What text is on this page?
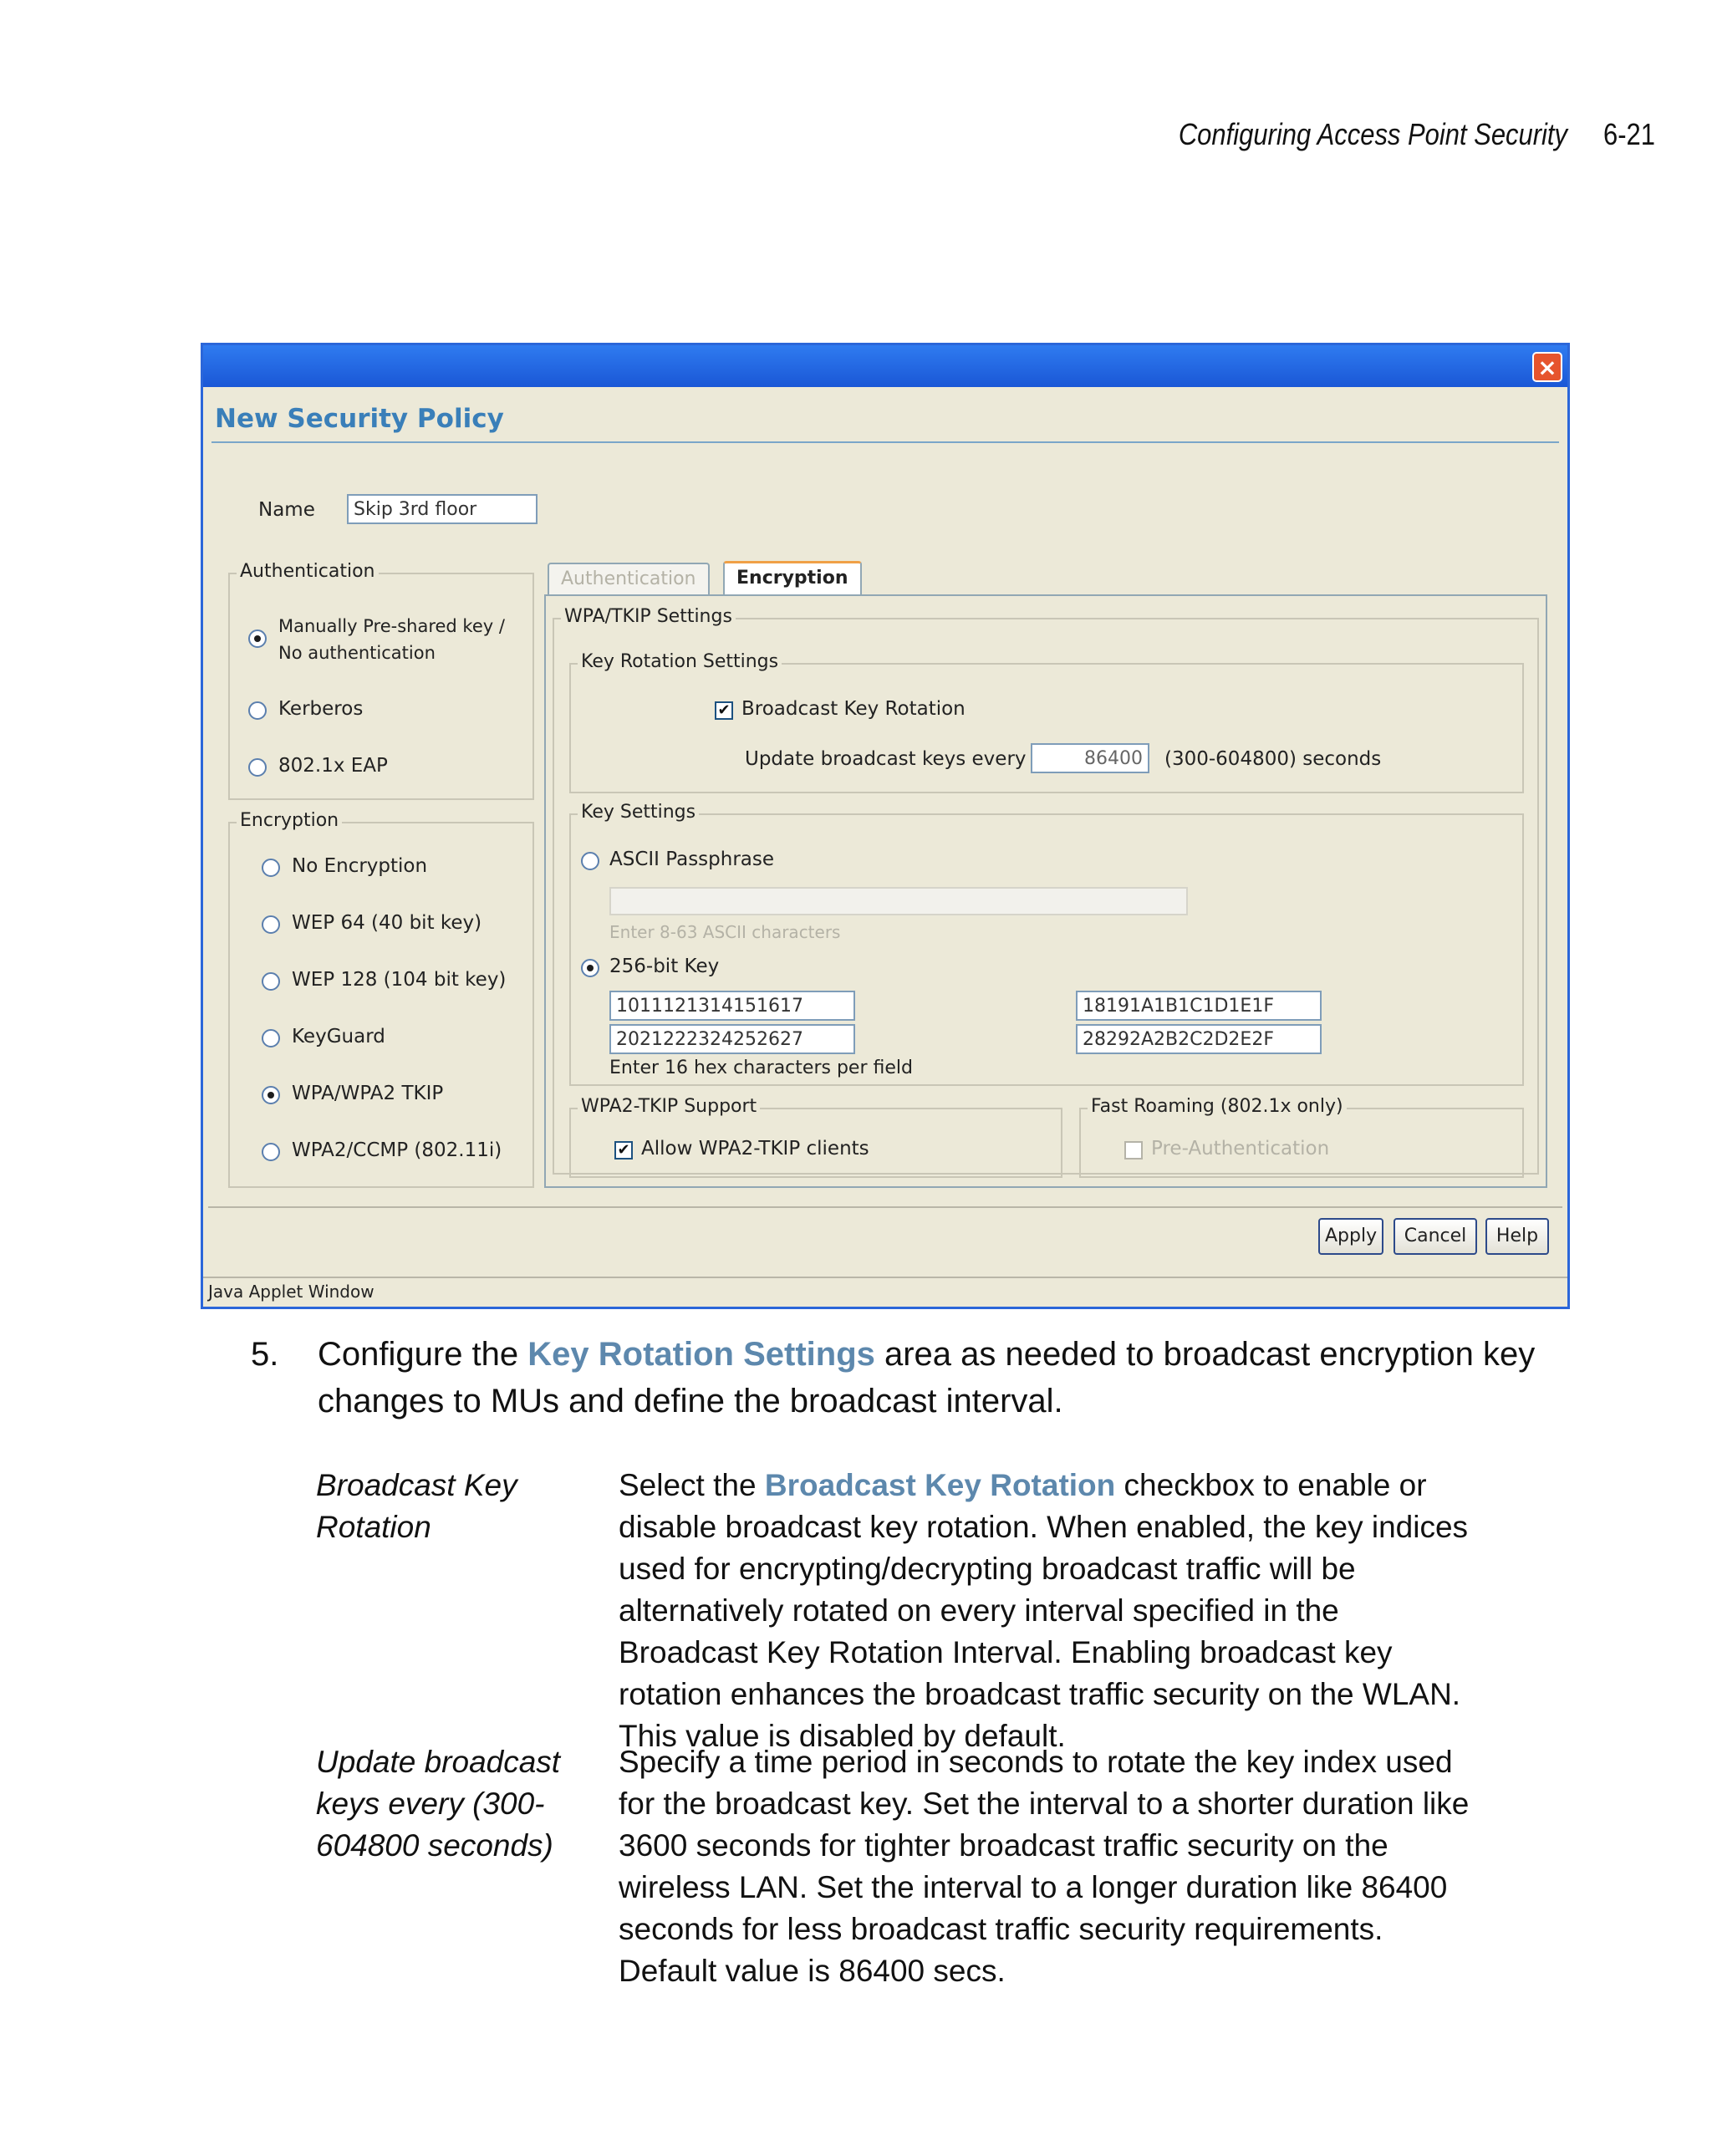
Configuring Access Point Security 6-21
×
New Security Policy
Name	Skip 3rd floor
Authentication
Manually Pre-shared key / No authentication
Kerberos
802.1x EAP
Encryption
No Encryption
WEP 64 (40 bit key)
WEP 128 (104 bit key)
KeyGuard
WPA/WPA2 TKIP
WPA2/CCMP (802.11i)
Authentication	Encryption
WPA/TKIP Settings
Key Rotation Settings
✔ Broadcast Key Rotation
Update broadcast keys every	86400	(300-604800) seconds
Key Settings
ASCII Passphrase
Enter 8-63 ASCII characters
256-bit Key
1011121314151617	18191A1B1C1D1E1F
2021222324252627	28292A2B2C2D2E2F
Enter 16 hex characters per field
WPA2-TKIP Support
✔ Allow WPA2-TKIP clients
Fast Roaming (802.1x only)
Pre-Authentication
Apply	Cancel	Help
Java Applet Window
5. Configure the Key Rotation Settings area as needed to broadcast encryption key changes to MUs and define the broadcast interval.
Broadcast Key Rotation
Select the Broadcast Key Rotation checkbox to enable or disable broadcast key rotation. When enabled, the key indices used for encrypting/decrypting broadcast traffic will be alternatively rotated on every interval specified in the Broadcast Key Rotation Interval. Enabling broadcast key rotation enhances the broadcast traffic security on the WLAN. This value is disabled by default.
Update broadcast keys every (300-604800 seconds)
Specify a time period in seconds to rotate the key index used for the broadcast key. Set the interval to a shorter duration like 3600 seconds for tighter broadcast traffic security on the wireless LAN. Set the interval to a longer duration like 86400 seconds for less broadcast traffic security requirements. Default value is 86400 secs.
